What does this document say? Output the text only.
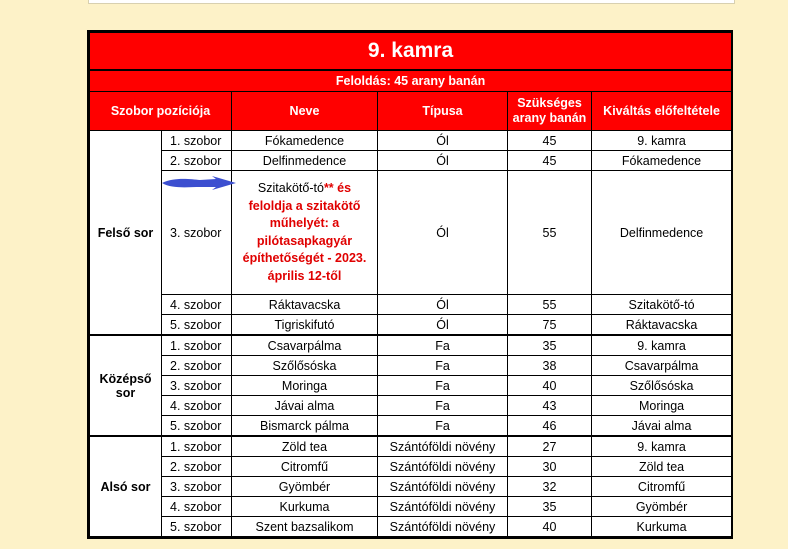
9. kamra					
Feloldás: 45 arany banán					
Szobor pozíciója		Neve	Típusa	Szükséges arany banán	Kiváltás előfeltétele
Felső sor	1. szobor	Fókamedence	Ól	45	9. kamra
	2. szobor	Delfinmedence	Ól	45	Fókamedence
	3. szobor	Szitakötő-tó** és feloldja a szitakötő műhelyét: a pilótasapkagyár építhetőségét - 2023. április 12-től	Ól	55	Delfinmedence
	4. szobor	Ráktavacska	Ól	55	Szitakötő-tó
	5. szobor	Tigriskifutó	Ól	75	Ráktavacska
Középső sor	1. szobor	Csavarpálma	Fa	35	9. kamra
	2. szobor	Szőlősóska	Fa	38	Csavarpálma
	3. szobor	Moringa	Fa	40	Szőlősóska
	4. szobor	Jávai alma	Fa	43	Moringa
	5. szobor	Bismarck pálma	Fa	46	Jávai alma
Alsó sor	1. szobor	Zöld tea	Szántóföldi növény	27	9. kamra
	2. szobor	Citromfű	Szántóföldi növény	30	Zöld tea
	3. szobor	Gyömbér	Szántóföldi növény	32	Citromfű
	4. szobor	Kurkuma	Szántóföldi növény	35	Gyömbér
	5. szobor	Szent bazsalikom	Szántóföldi növény	40	Kurkuma
